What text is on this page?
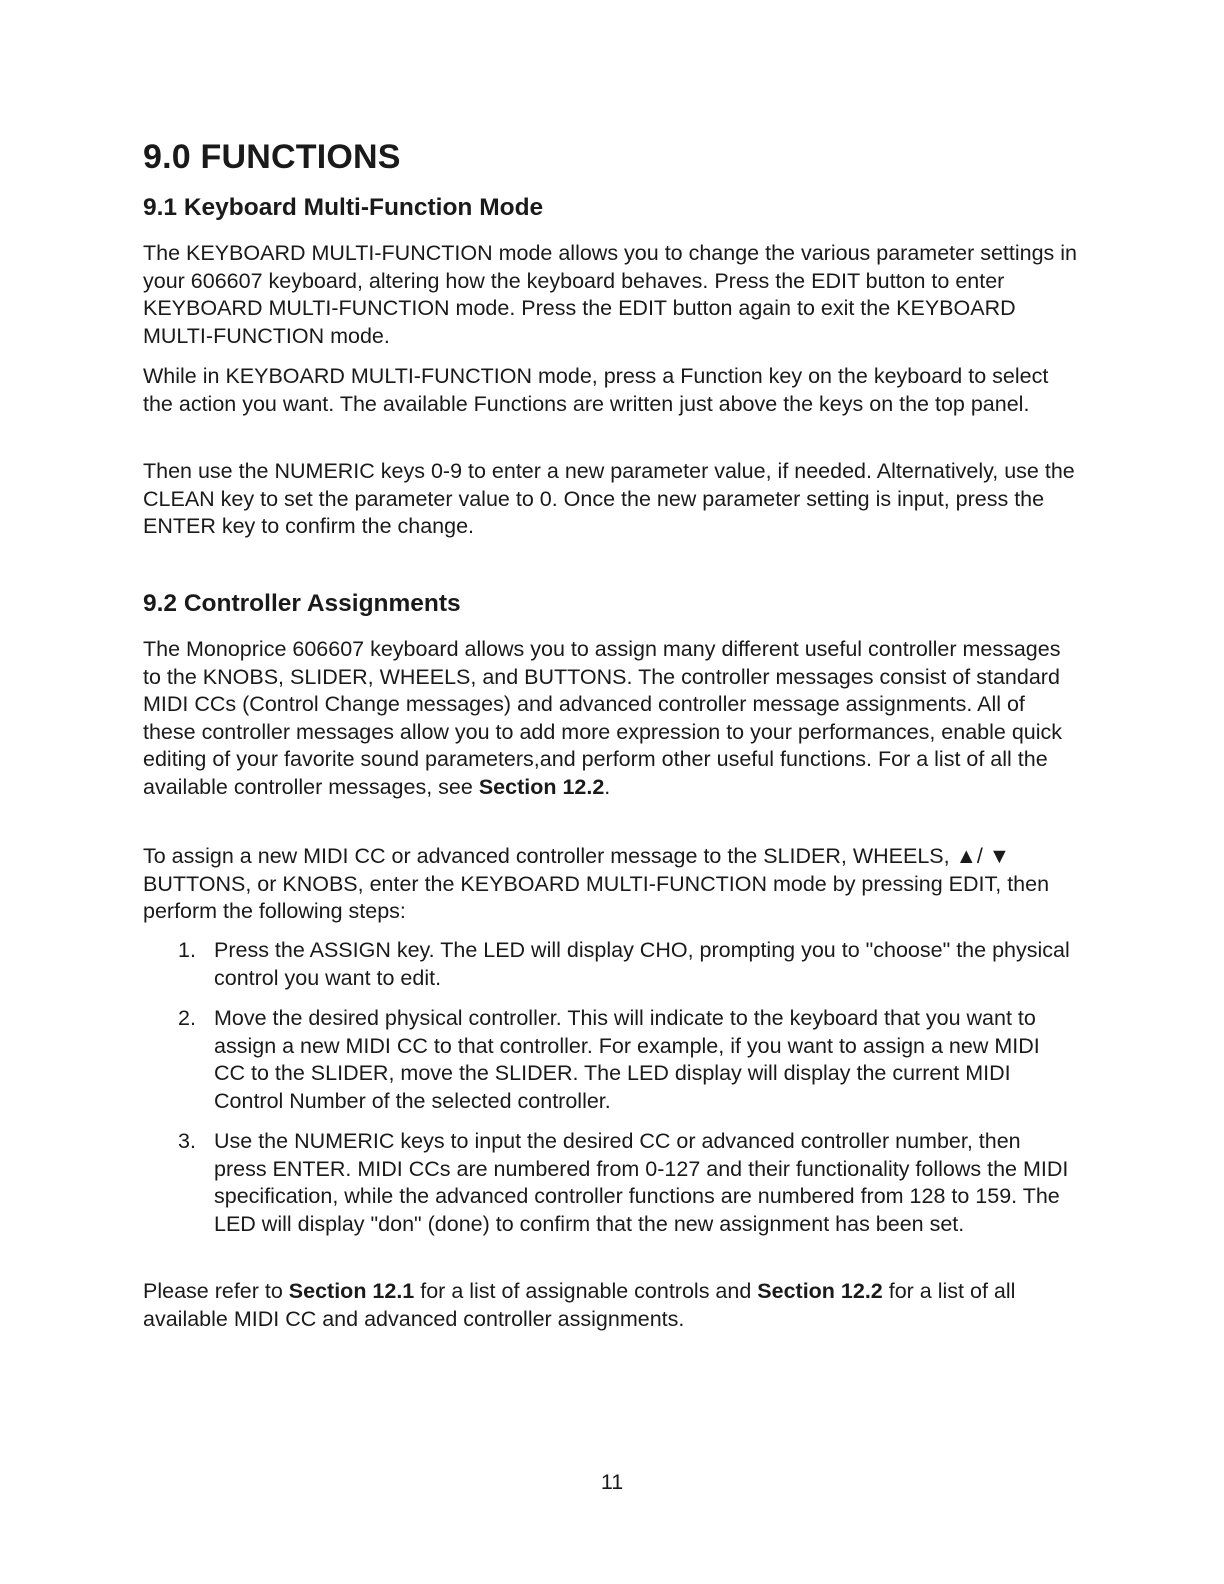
9.0 FUNCTIONS
9.1 Keyboard Multi-Function Mode

The KEYBOARD MULTI-FUNCTION mode allows you to change the various parameter settings in your 606607 keyboard, altering how the keyboard behaves. Press the EDIT button to enter KEYBOARD MULTI-FUNCTION mode. Press the EDIT button again to exit the KEYBOARD MULTI-FUNCTION mode.

While in KEYBOARD MULTI-FUNCTION mode, press a Function key on the keyboard to select the action you want. The available Functions are written just above the keys on the top panel.

Then use the NUMERIC keys 0-9 to enter a new parameter value, if needed. Alternatively, use the CLEAN key to set the parameter value to 0. Once the new parameter setting is input, press the ENTER key to confirm the change.

9.2 Controller Assignments

The Monoprice 606607 keyboard allows you to assign many different useful controller messages to the KNOBS, SLIDER, WHEELS, and BUTTONS. The controller messages consist of standard MIDI CCs (Control Change messages) and advanced controller message assignments. All of these controller messages allow you to add more expression to your performances, enable quick editing of your favorite sound parameters,and perform other useful functions. For a list of all the available controller messages, see Section 12.2.

To assign a new MIDI CC or advanced controller message to the SLIDER, WHEELS, ▲/ ▼ BUTTONS, or KNOBS, enter the KEYBOARD MULTI-FUNCTION mode by pressing EDIT, then perform the following steps:

1. Press the ASSIGN key. The LED will display CHO, prompting you to "choose" the physical control you want to edit.
2. Move the desired physical controller. This will indicate to the keyboard that you want to assign a new MIDI CC to that controller. For example, if you want to assign a new MIDI CC to the SLIDER, move the SLIDER. The LED display will display the current MIDI Control Number of the selected controller.
3. Use the NUMERIC keys to input the desired CC or advanced controller number, then press ENTER. MIDI CCs are numbered from 0-127 and their functionality follows the MIDI specification, while the advanced controller functions are numbered from 128 to 159. The LED will display "don" (done) to confirm that the new assignment has been set.

Please refer to Section 12.1 for a list of assignable controls and Section 12.2 for a list of all available MIDI CC and advanced controller assignments.

11
